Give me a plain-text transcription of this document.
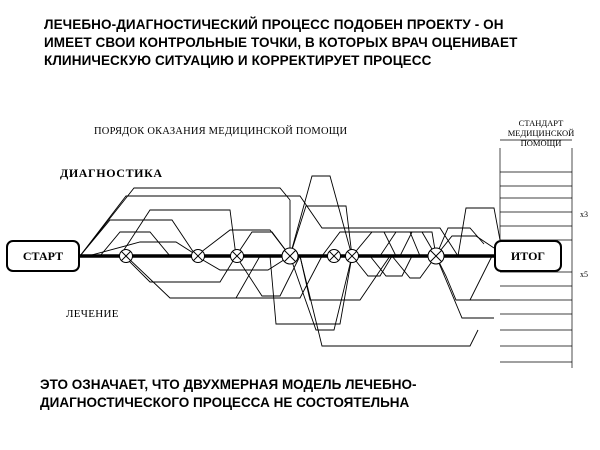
ЛЕЧЕБНО-ДИАГНОСТИЧЕСКИЙ ПРОЦЕСС ПОДОБЕН ПРОЕКТУ - ОН
ИМЕЕТ СВОИ КОНТРОЛЬНЫЕ ТОЧКИ, В КОТОРЫХ ВРАЧ ОЦЕНИВАЕТ
КЛИНИЧЕСКУЮ СИТУАЦИЮ И КОРРЕКТИРУЕТ ПРОЦЕСС
ПОРЯДОК ОКАЗАНИЯ МЕДИЦИНСКОЙ ПОМОЩИ
ДИАГНОСТИКА
ЛЕЧЕНИЕ
СТАНДАРТ МЕДИЦИНСКОЙ ПОМОЩИ
x3
x5
СТАРТ	ИТОГ
ЭТО ОЗНАЧАЕТ, ЧТО ДВУХМЕРНАЯ МОДЕЛЬ ЛЕЧЕБНО-
ДИАГНОСТИЧЕСКОГО ПРОЦЕССА НЕ СОСТОЯТЕЛЬНА
